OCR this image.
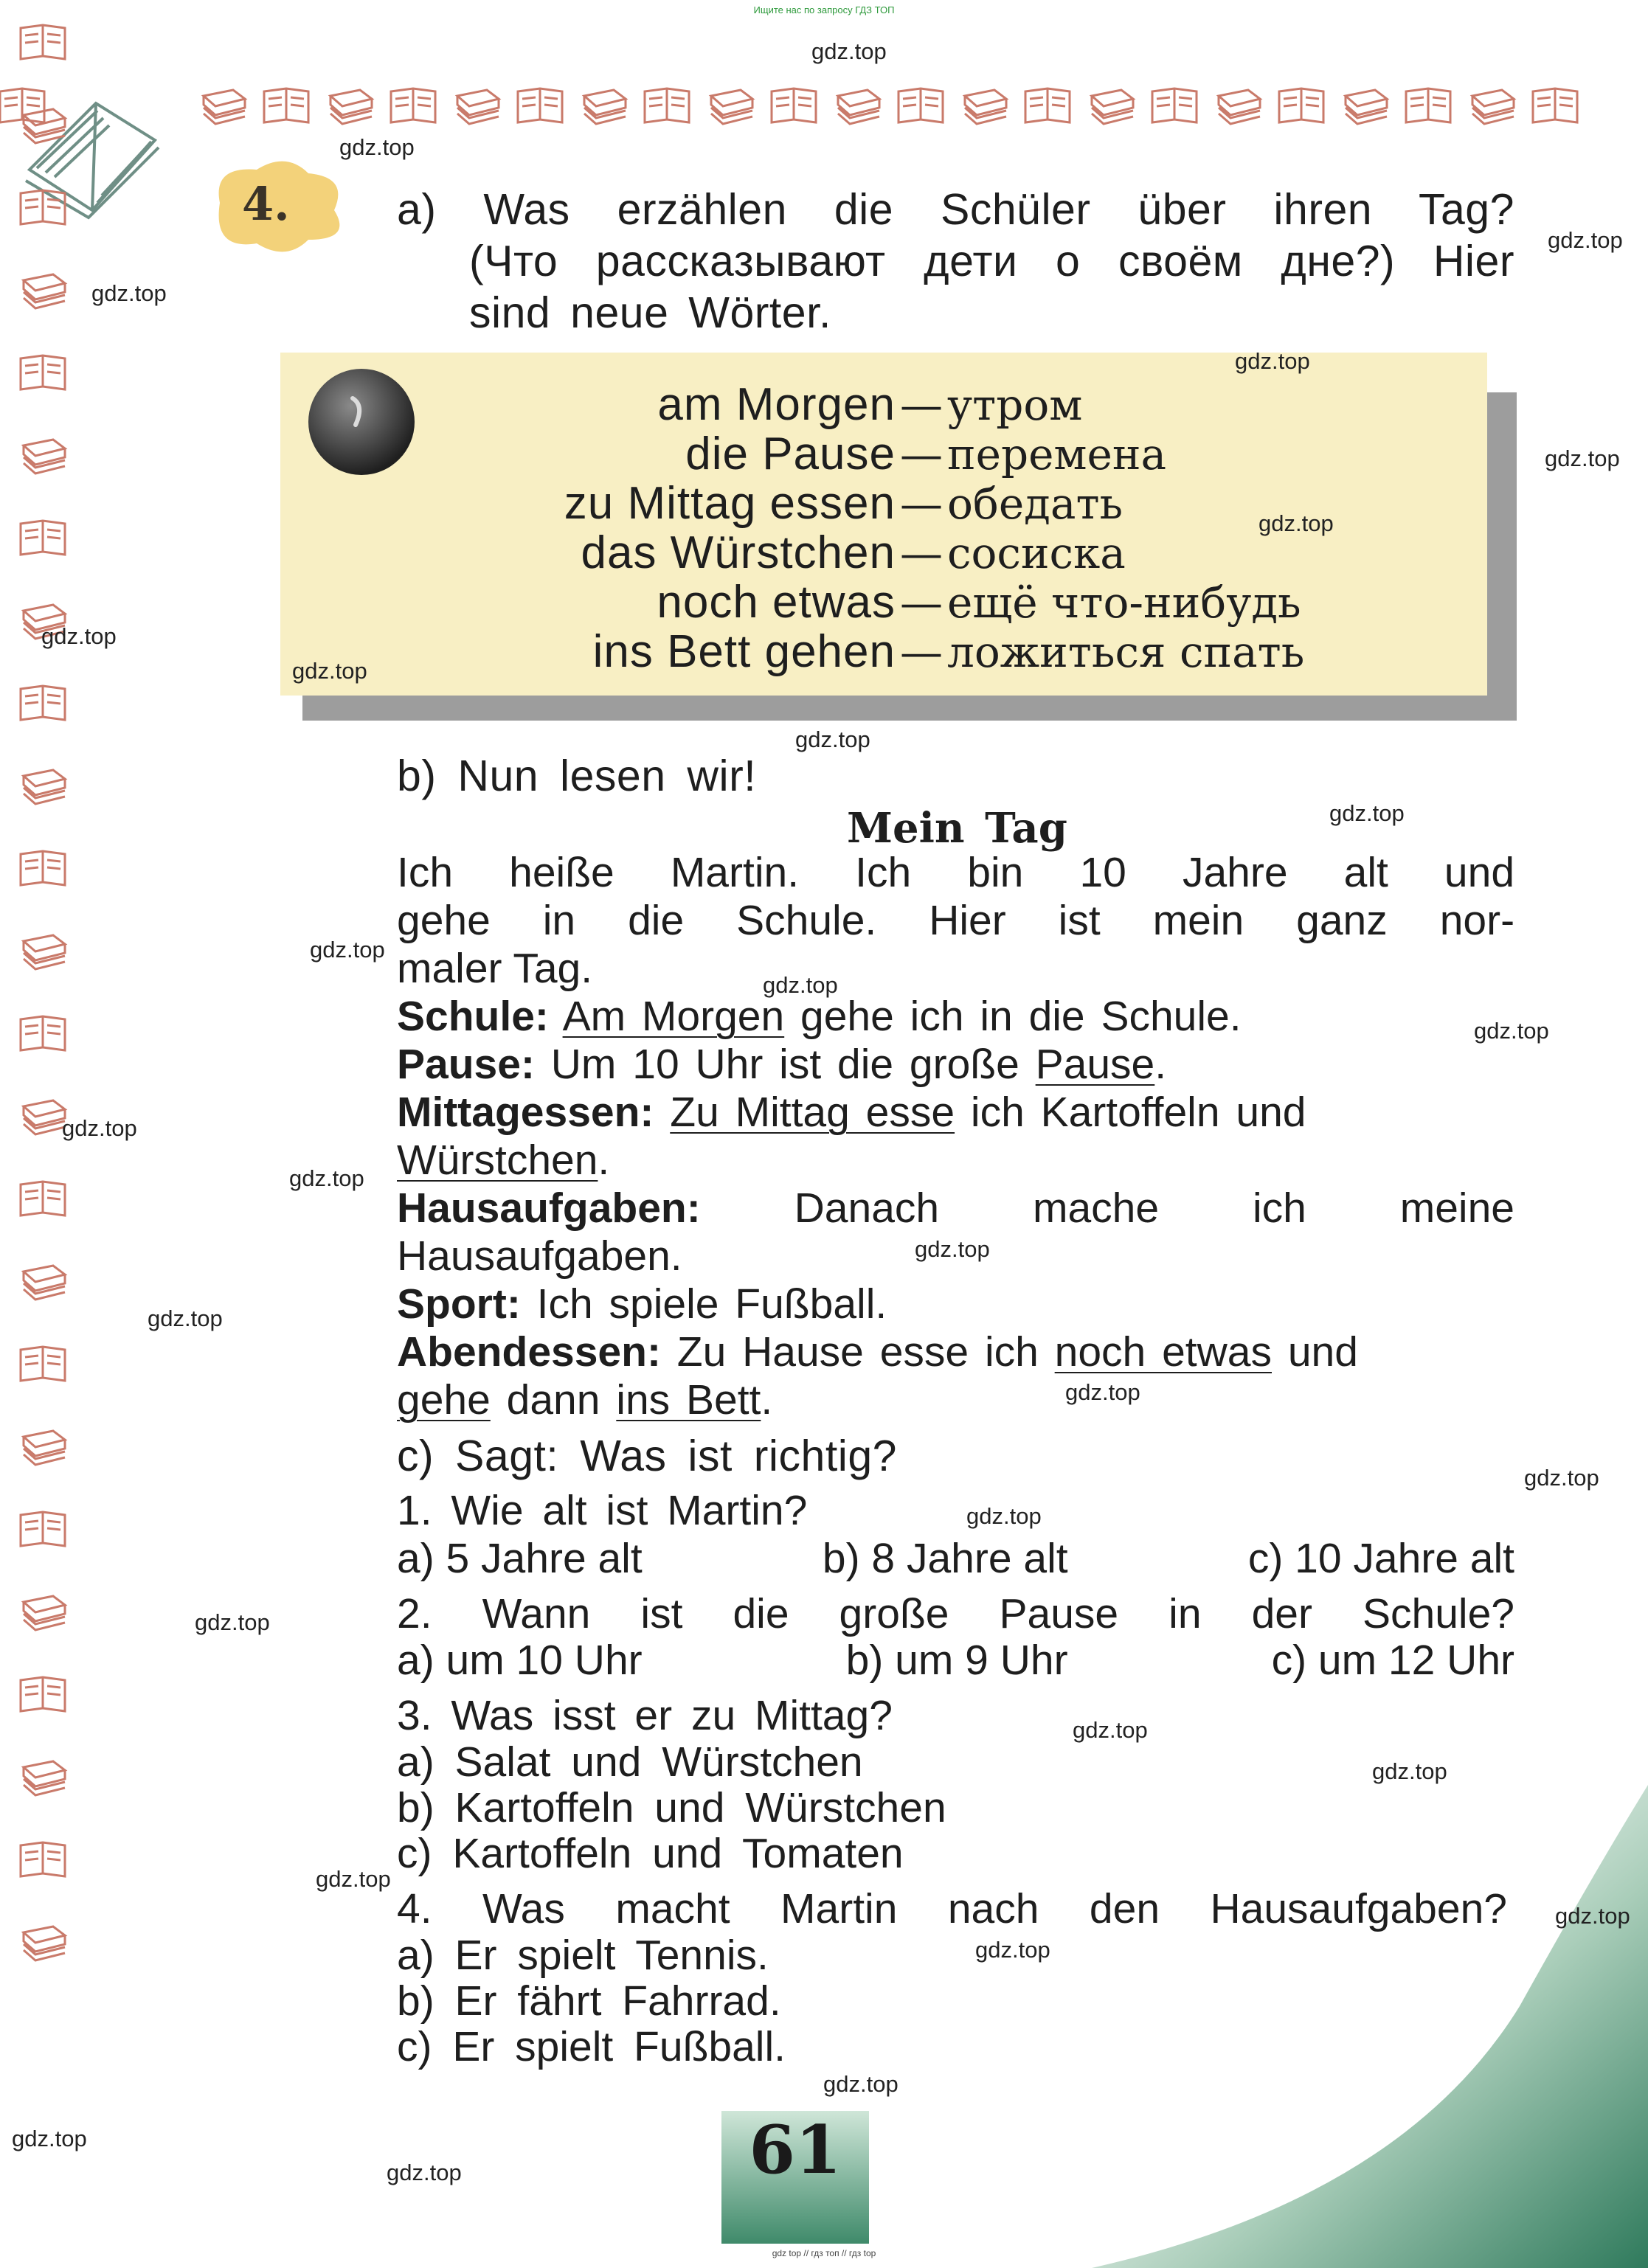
Ищите нас по запросу ГДЗ ТОП
gdz top // гдз топ // гдз top
4. a) Was erzählen die Schüler über ihren Tag?
(Что рассказывают дети о своём дне?) Hier
sind neue Wörter.
am Morgen — утром
die Pause — перемена
zu Mittag essen — обедать
das Würstchen — сосиска
noch etwas — ещё что-нибудь
ins Bett gehen — ложиться спать
b) Nun lesen wir!
Mein Tag
Ich heiße Martin. Ich bin 10 Jahre alt und
gehe in die Schule. Hier ist mein ganz nor-
maler Tag.
Schule: Am Morgen gehe ich in die Schule.
Pause: Um 10 Uhr ist die große Pause.
Mittagessen: Zu Mittag esse ich Kartoffeln und
Würstchen.
Hausaufgaben: Danach mache ich meine
Hausaufgaben.
Sport: Ich spiele Fußball.
Abendessen: Zu Hause esse ich noch etwas und
gehe dann ins Bett.
c) Sagt: Was ist richtig?
1. Wie alt ist Martin?
a) 5 Jahre alt	b) 8 Jahre alt	c) 10 Jahre alt
2. Wann ist die große Pause in der Schule?
a) um 10 Uhr	b) um 9 Uhr	c) um 12 Uhr
3. Was isst er zu Mittag?
a) Salat und Würstchen
b) Kartoffeln und Würstchen
c) Kartoffeln und Tomaten
4. Was macht Martin nach den Hausaufgaben?
a) Er spielt Tennis.
b) Er fährt Fahrrad.
c) Er spielt Fußball.
61
gdz.top
gdz.top
gdz.top
gdz.top
gdz.top
gdz.top
gdz.top
gdz.top
gdz.top
gdz.top
gdz.top
gdz.top
gdz.top
gdz.top
gdz.top
gdz.top
gdz.top
gdz.top
gdz.top
gdz.top
gdz.top
gdz.top
gdz.top
gdz.top
gdz.top
gdz.top
gdz.top
gdz.top
gdz.top
gdz.top
